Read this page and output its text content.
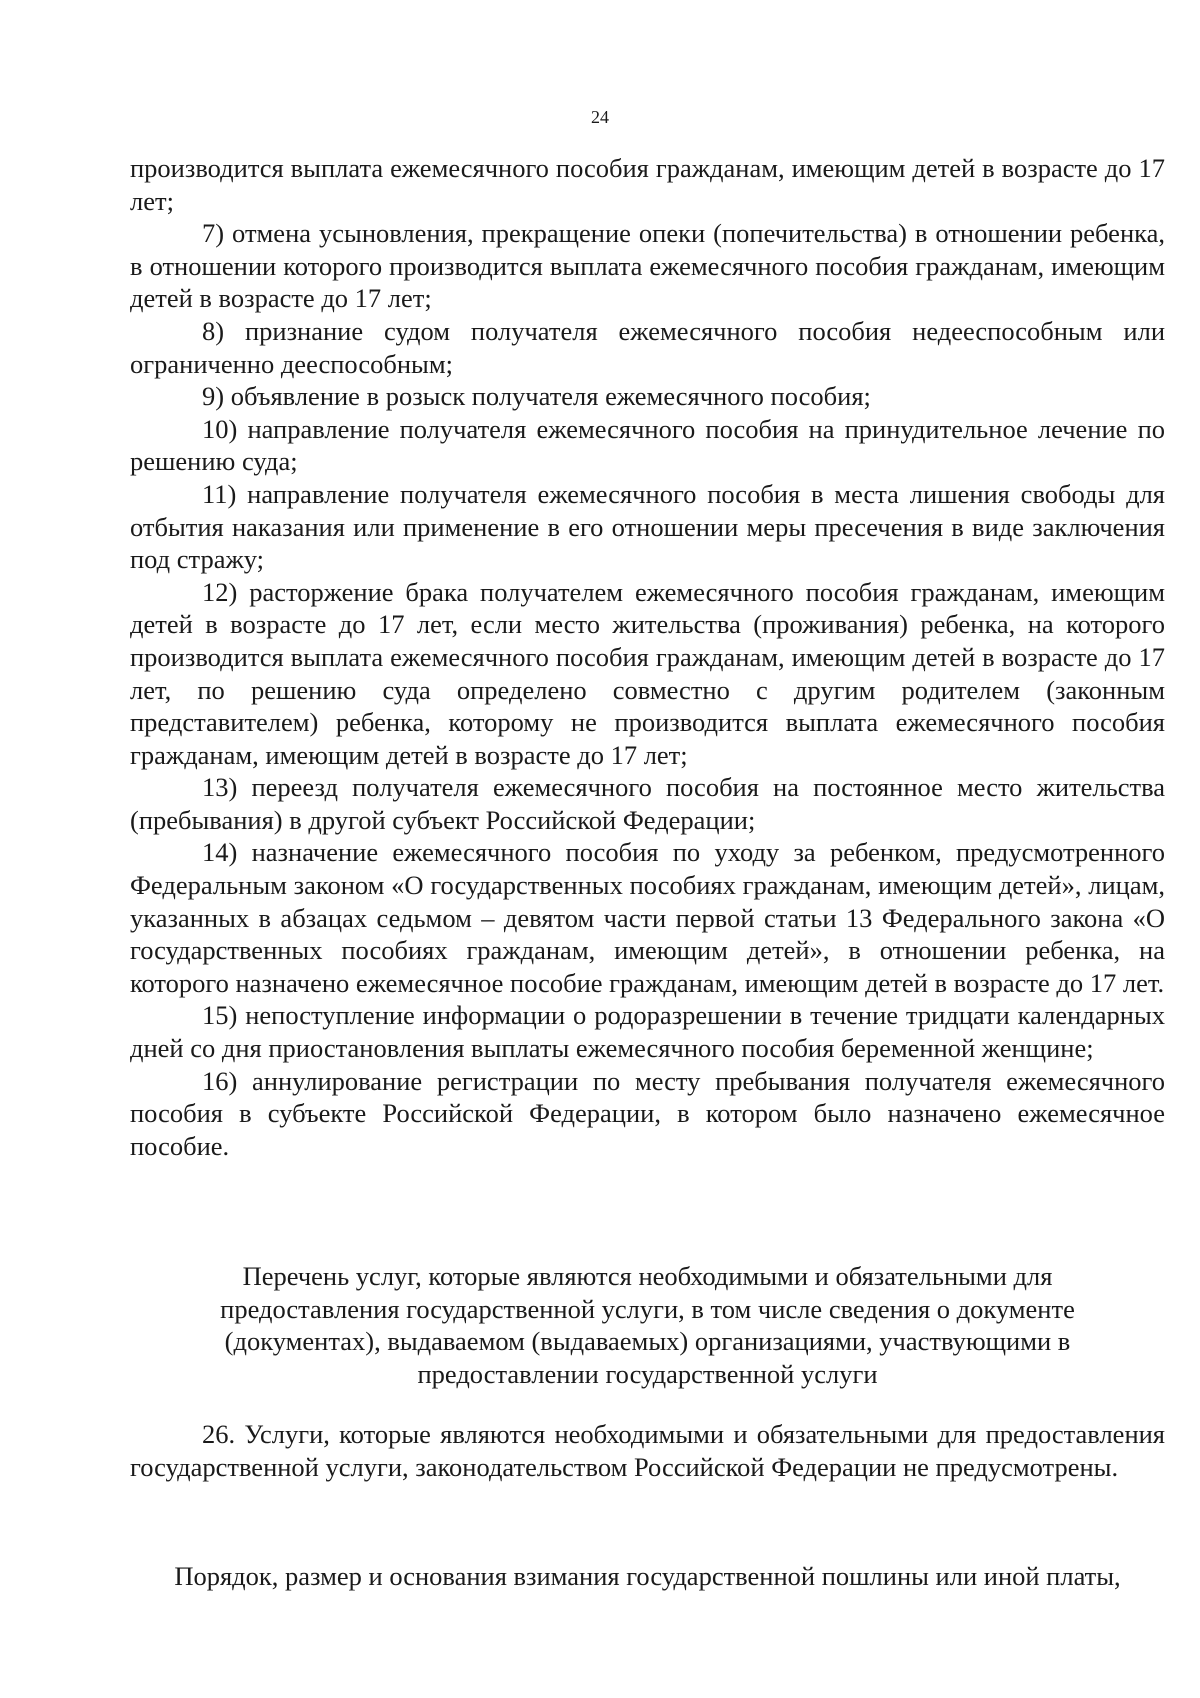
24

производится выплата ежемесячного пособия гражданам, имеющим детей в возрасте до 17 лет;

7) отмена усыновления, прекращение опеки (попечительства) в отношении ребенка, в отношении которого производится выплата ежемесячного пособия гражданам, имеющим детей в возрасте до 17 лет;

8) признание судом получателя ежемесячного пособия недееспособным или ограниченно дееспособным;

9) объявление в розыск получателя ежемесячного пособия;

10) направление получателя ежемесячного пособия на принудительное лечение по решению суда;

11) направление получателя ежемесячного пособия в места лишения свободы для отбытия наказания или применение в его отношении меры пресечения в виде заключения под стражу;

12) расторжение брака получателем ежемесячного пособия гражданам, имеющим детей в возрасте до 17 лет, если место жительства (проживания) ребенка, на которого производится выплата ежемесячного пособия гражданам, имеющим детей в возрасте до 17 лет, по решению суда определено совместно с другим родителем (законным представителем) ребенка, которому не производится выплата ежемесячного пособия гражданам, имеющим детей в возрасте до 17 лет;

13) переезд получателя ежемесячного пособия на постоянное место жительства (пребывания) в другой субъект Российской Федерации;

14) назначение ежемесячного пособия по уходу за ребенком, предусмотренного Федеральным законом «О государственных пособиях гражданам, имеющим детей», лицам, указанных в абзацах седьмом – девятом части первой статьи 13 Федерального закона «О государственных пособиях гражданам, имеющим детей», в отношении ребенка, на которого назначено ежемесячное пособие гражданам, имеющим детей в возрасте до 17 лет.

15) непоступление информации о родоразрешении в течение тридцати календарных дней со дня приостановления выплаты ежемесячного пособия беременной женщине;

16) аннулирование регистрации по месту пребывания получателя ежемесячного пособия в субъекте Российской Федерации, в котором было назначено ежемесячное пособие.

Перечень услуг, которые являются необходимыми и обязательными для

предоставления государственной услуги, в том числе сведения о документе

(документах), выдаваемом (выдаваемых) организациями, участвующими в

предоставлении государственной услуги

26. Услуги, которые являются необходимыми и обязательными для предоставления государственной услуги, законодательством Российской Федерации не предусмотрены.
Порядок, размер и основания взимания государственной пошлины или иной платы,
